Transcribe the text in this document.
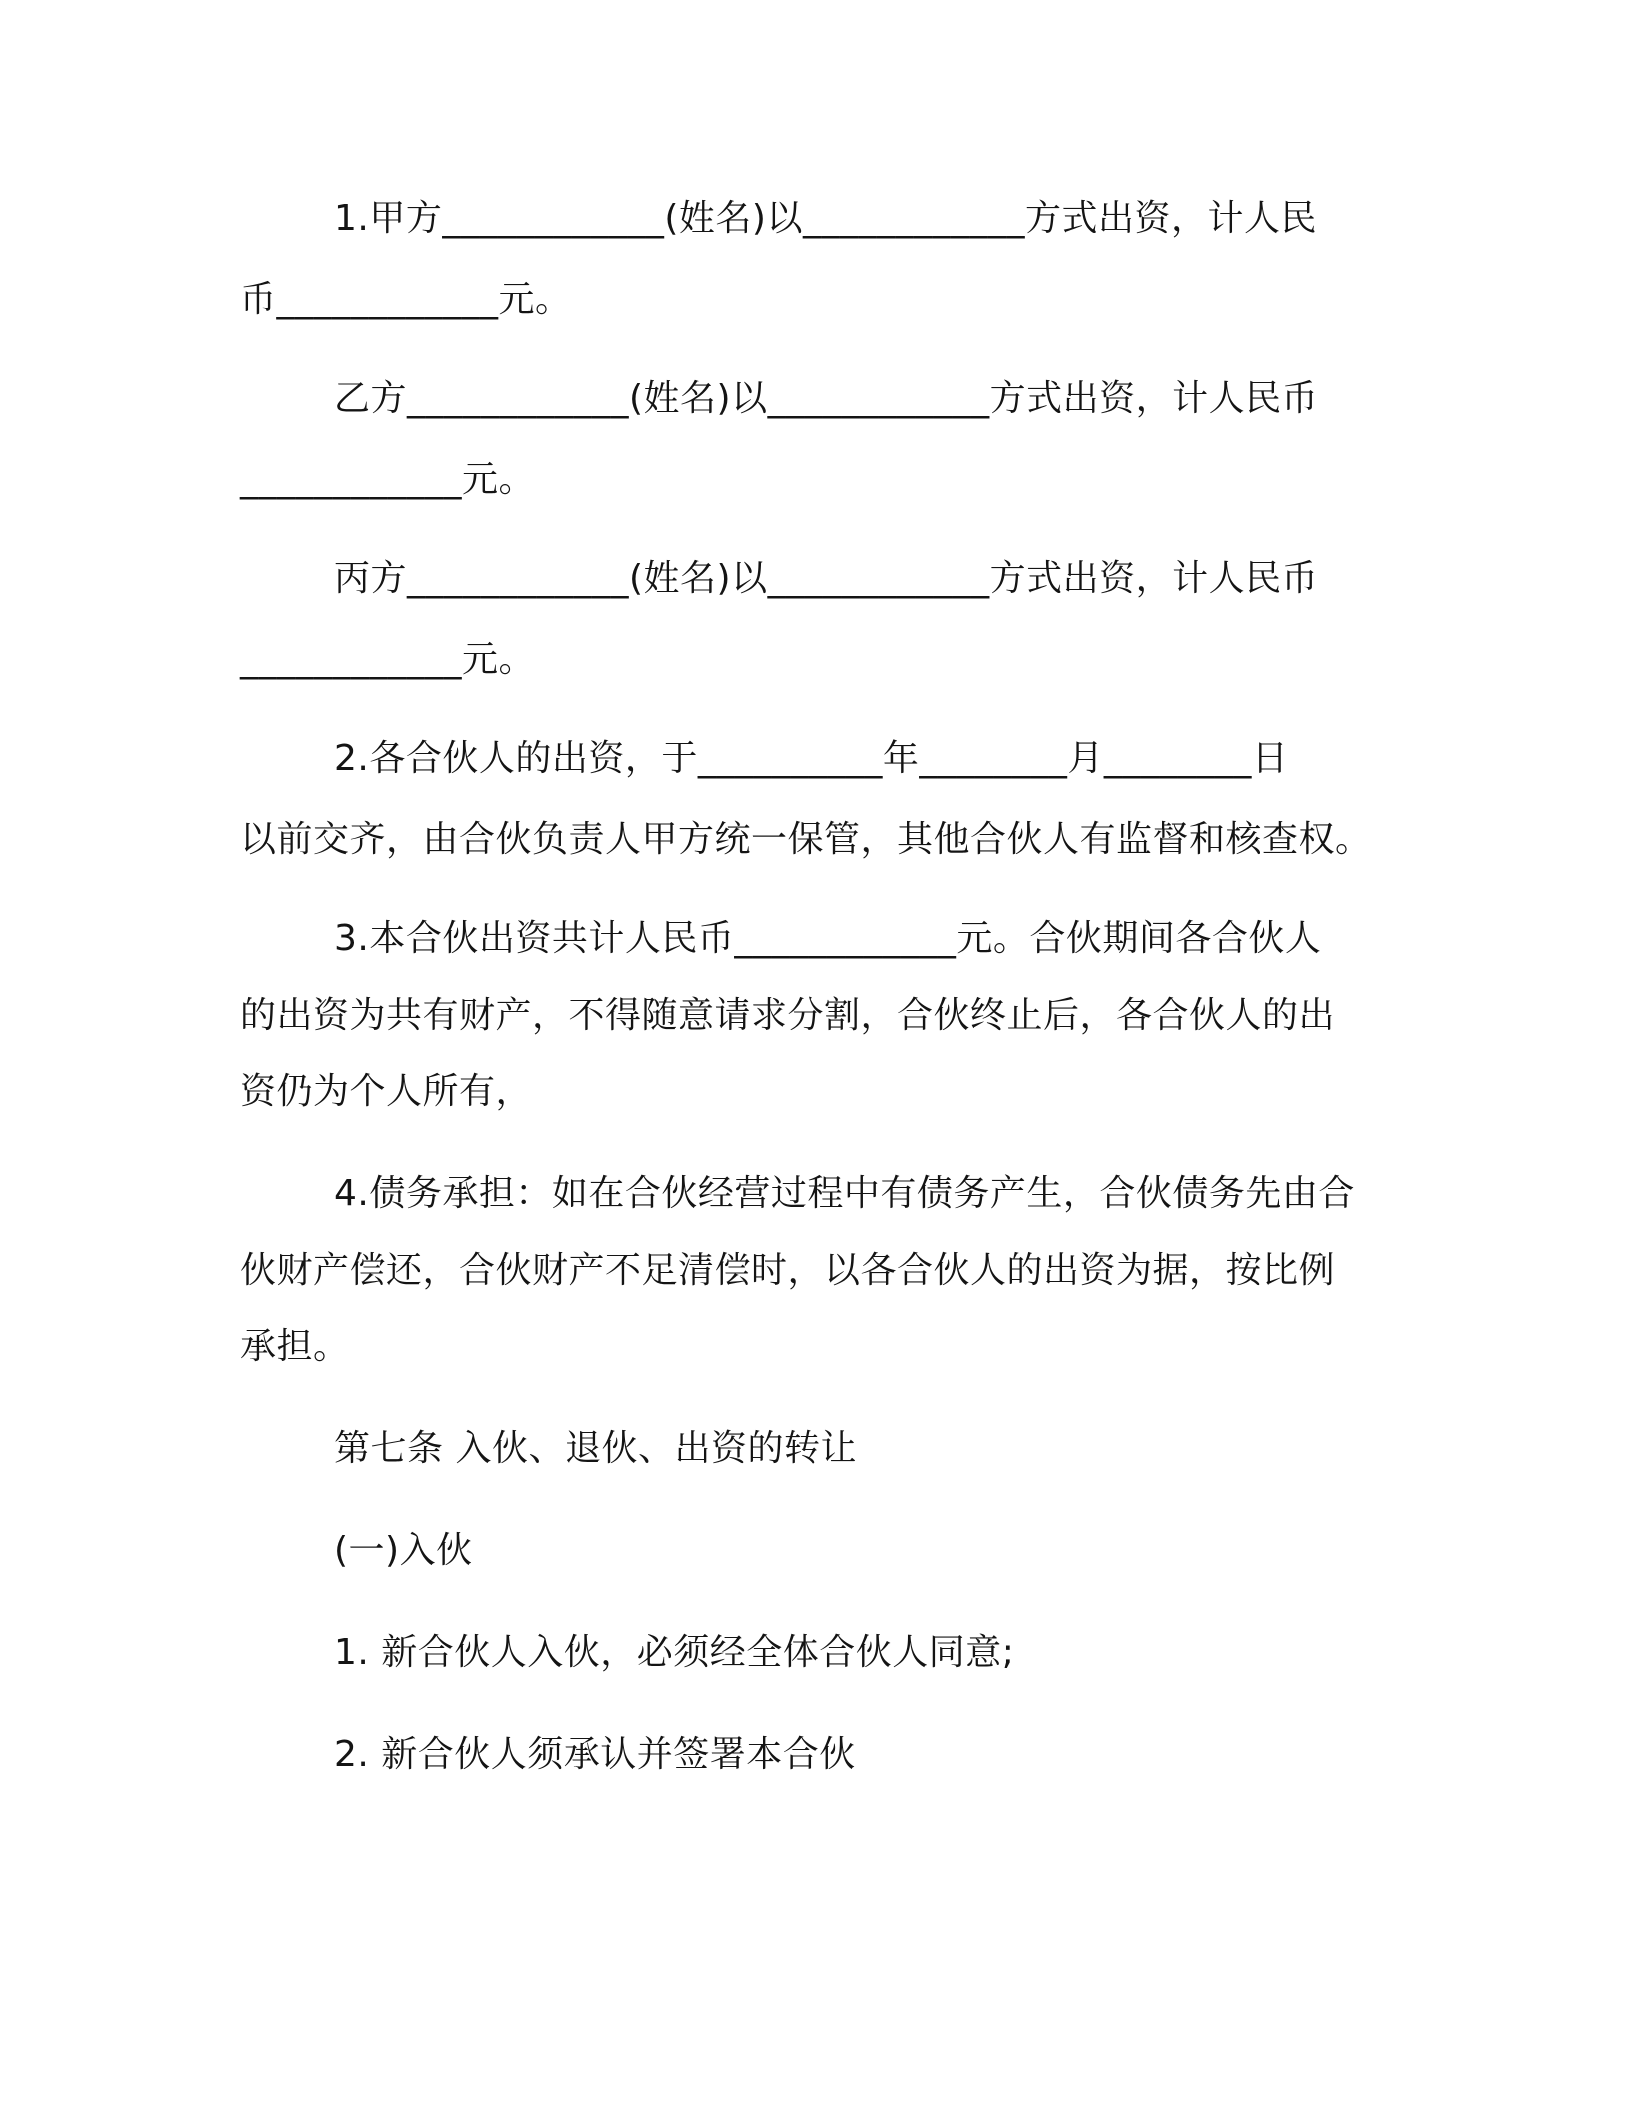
1.甲方____________(姓名)以____________方式出资，计人民
币____________元。
乙方____________(姓名)以____________方式出资，计人民币
____________元。
丙方____________(姓名)以____________方式出资，计人民币
____________元。
2.各合伙人的出资，于__________年________月________日
以前交齐，由合伙负责人甲方统一保管，其他合伙人有监督和核查权。
3.本合伙出资共计人民币____________元。合伙期间各合伙人
的出资为共有财产，不得随意请求分割，合伙终止后，各合伙人的出
资仍为个人所有，
4.债务承担：如在合伙经营过程中有债务产生，合伙债务先由合
伙财产偿还，合伙财产不足清偿时，以各合伙人的出资为据，按比例
承担。
第七条 入伙、退伙、出资的转让
(一)入伙
1. 新合伙人入伙，必须经全体合伙人同意;
2. 新合伙人须承认并签署本合伙
